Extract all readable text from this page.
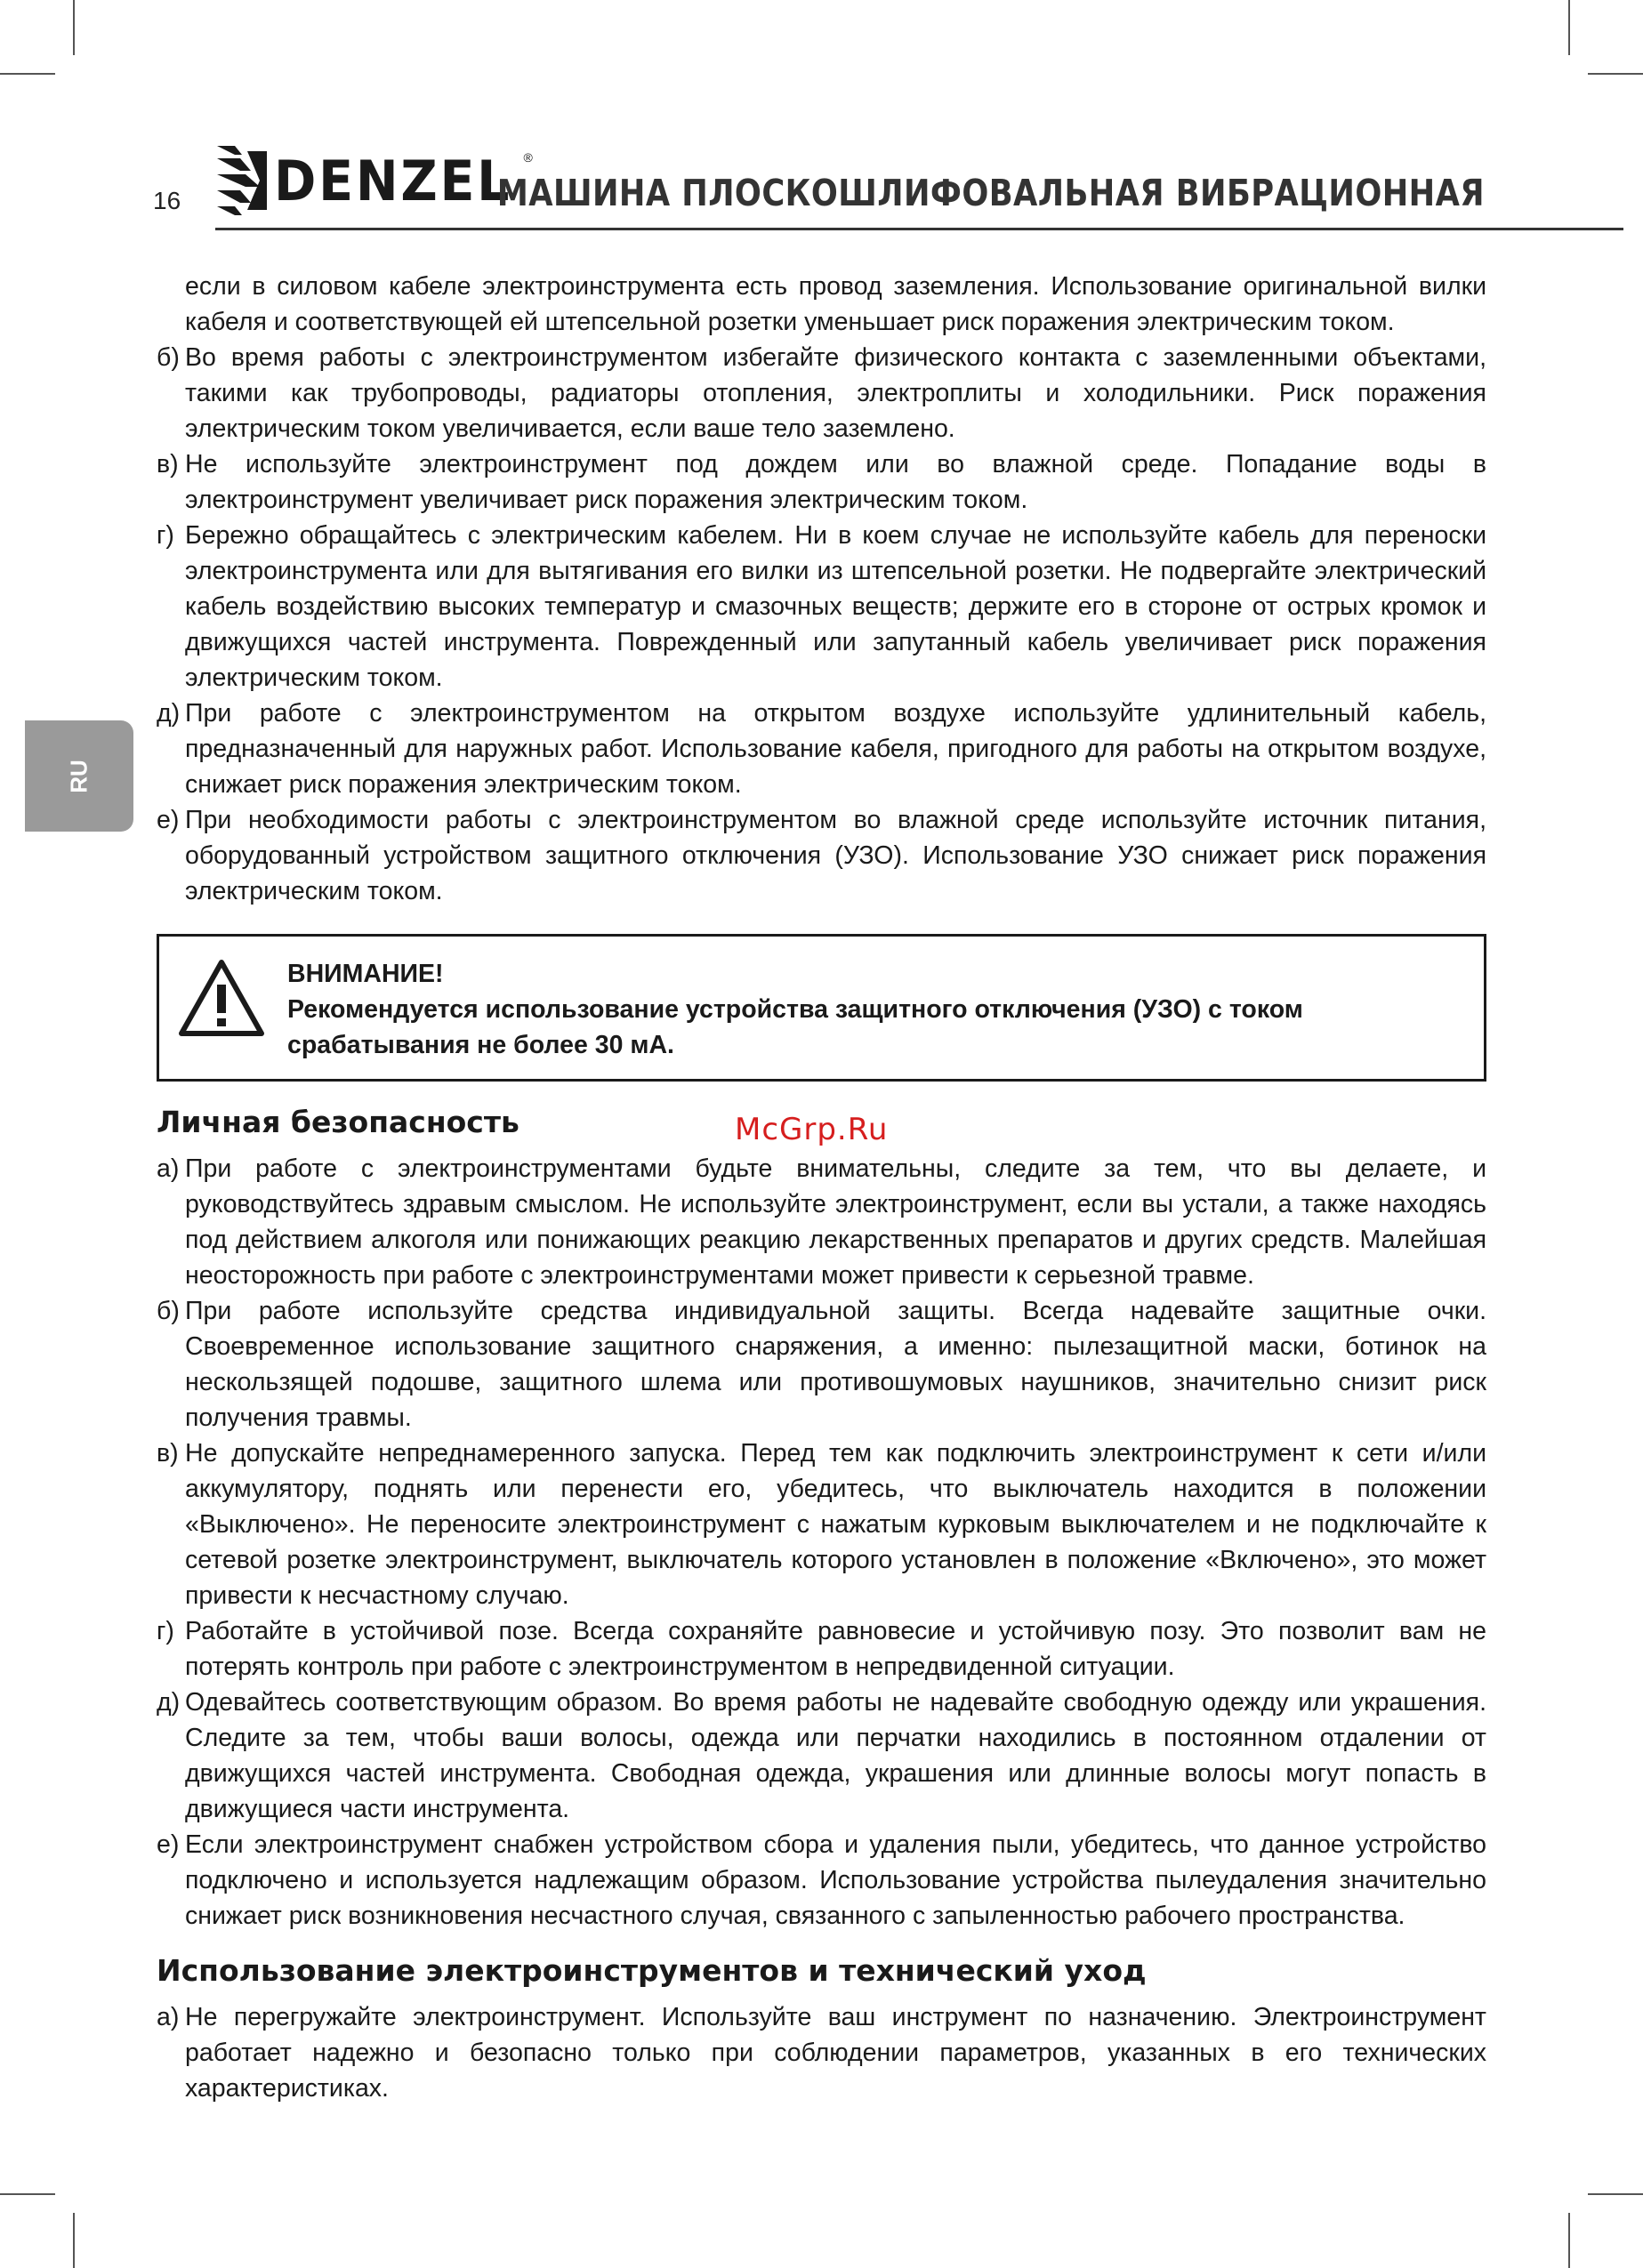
16 DENZEL ®
МАШИНА ПЛОСКОШЛИФОВАЛЬНАЯ ВИБРАЦИОННАЯ
RU
если в силовом кабеле электроинструмента есть провод заземления. Использование оригинальной вилки кабеля и соответствующей ей штепсельной розетки уменьшает риск поражения электрическим током.
б) Во время работы с электроинструментом избегайте физического контакта с заземленными объектами, такими как трубопроводы, радиаторы отопления, электроплиты и холодильники. Риск поражения электрическим током увеличивается, если ваше тело заземлено.
в) Не используйте электроинструмент под дождем или во влажной среде. Попадание воды в электроинструмент увеличивает риск поражения электрическим током.
г) Бережно обращайтесь с электрическим кабелем. Ни в коем случае не используйте кабель для переноски электроинструмента или для вытягивания его вилки из штепсельной розетки. Не подвергайте электрический кабель воздействию высоких температур и смазочных веществ; держите его в стороне от острых кромок и движущихся частей инструмента. Поврежденный или запутанный кабель увеличивает риск поражения электрическим током.
д) При работе с электроинструментом на открытом воздухе используйте удлинительный кабель, предназначенный для наружных работ. Использование кабеля, пригодного для работы на открытом воздухе, снижает риск поражения электрическим током.
е) При необходимости работы с электроинструментом во влажной среде используйте источник питания, оборудованный устройством защитного отключения (УЗО). Использование УЗО снижает риск поражения электрическим током.
ВНИМАНИЕ!
Рекомендуется использование устройства защитного отключения (УЗО) с током срабатывания не более 30 мА.
Личная безопасность
а) При работе с электроинструментами будьте внимательны, следите за тем, что вы делаете, и руководствуйтесь здравым смыслом. Не используйте электроинструмент, если вы устали, а также находясь под действием алкоголя или понижающих реакцию лекарственных препаратов и других средств. Малейшая неосторожность при работе с электроинструментами может привести к серьезной травме.
б) При работе используйте средства индивидуальной защиты. Всегда надевайте защитные очки. Своевременное использование защитного снаряжения, а именно: пылезащитной маски, ботинок на нескользящей подошве, защитного шлема или противошумовых наушников, значительно снизит риск получения травмы.
в) Не допускайте непреднамеренного запуска. Перед тем как подключить электроинструмент к сети и/или аккумулятору, поднять или перенести его, убедитесь, что выключатель находится в положении «Выключено». Не переносите электроинструмент с нажатым курковым выключателем и не подключайте к сетевой розетке электроинструмент, выключатель которого установлен в положение «Включено», это может привести к несчастному случаю.
г) Работайте в устойчивой позе. Всегда сохраняйте равновесие и устойчивую позу. Это позволит вам не потерять контроль при работе с электроинструментом в непредвиденной ситуации.
д) Одевайтесь соответствующим образом. Во время работы не надевайте свободную одежду или украшения. Следите за тем, чтобы ваши волосы, одежда или перчатки находились в постоянном отдалении от движущихся частей инструмента. Свободная одежда, украшения или длинные волосы могут попасть в движущиеся части инструмента.
е) Если электроинструмент снабжен устройством сбора и удаления пыли, убедитесь, что данное устройство подключено и используется надлежащим образом. Использование устройства пылеудаления значительно снижает риск возникновения несчастного случая, связанного с запыленностью рабочего пространства.
Использование электроинструментов и технический уход
а) Не перегружайте электроинструмент. Используйте ваш инструмент по назначению. Электроинструмент работает надежно и безопасно только при соблюдении параметров, указанных в его технических характеристиках.
McGrp.Ru
